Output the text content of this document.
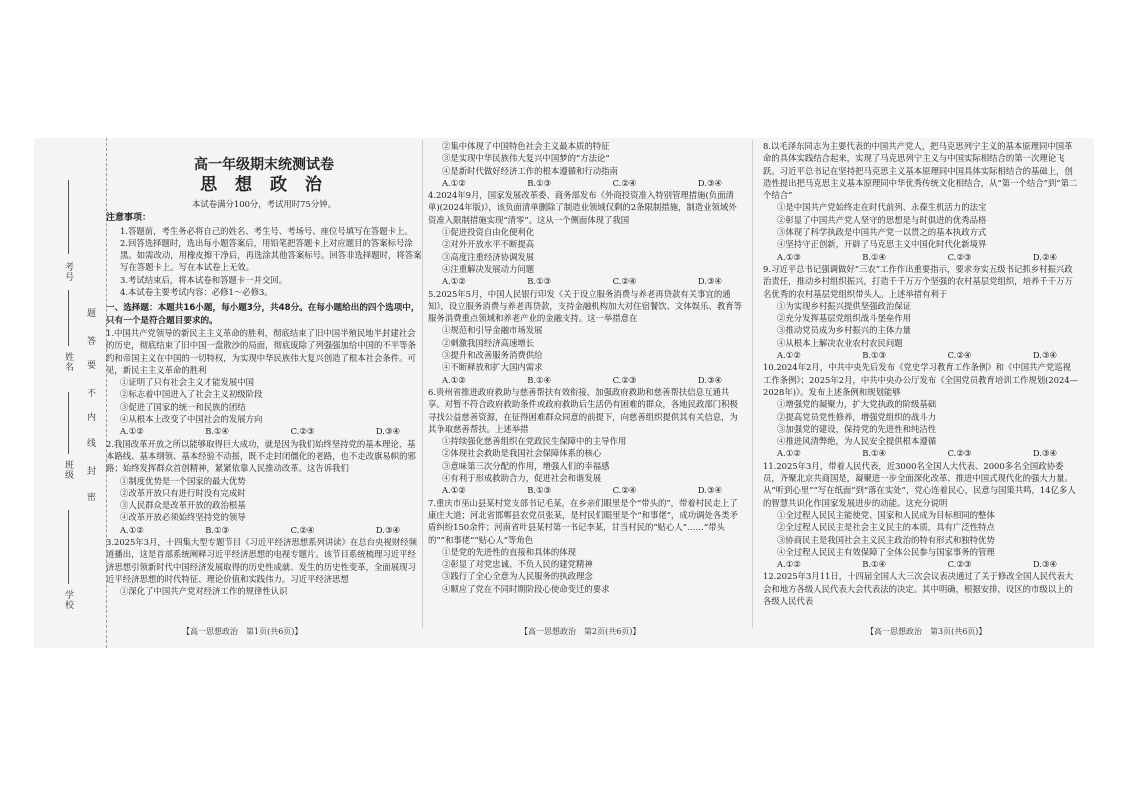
考号
姓名
班级
学校
题
答
要
不
内
线
封
密

高一年级期末统测试卷

思 想 政 治

本试卷满分100分，考试用时75分钟。

注意事项：

1.答题前，考生务必将自己的姓名、考生号、考场号、座位号填写在答题卡上。

2.回答选择题时，选出每小题答案后，用铅笔把答题卡上对应题目的答案标号涂黑。如需改动，用橡皮擦干净后，再选涂其他答案标号。回答非选择题时，将答案写在答题卡上。写在本试卷上无效。

3.考试结束后，将本试卷和答题卡一并交回。

4.本试卷主要考试内容：必修1～必修3。

一、选择题：本题共16小题，每小题3分，共48分。在每小题给出的四个选项中，只有一个是符合题目要求的。

1.中国共产党领导的新民主主义革命的胜利，彻底结束了旧中国半殖民地半封建社会的历史，彻底结束了旧中国一盘散沙的局面，彻底废除了列强强加给中国的不平等条约和帝国主义在中国的一切特权，为实现中华民族伟大复兴创造了根本社会条件。可见，新民主主义革命的胜利

①证明了只有社会主义才能发展中国

②标志着中国进入了社会主义初级阶段

③促进了国家的统一和民族的团结

④从根本上改变了中国社会的发展方向

A.①②	B.①④	C.②③	D.③④

2.我国改革开放之所以能够取得巨大成功，就是因为我们始终坚持党的基本理论、基本路线、基本纲领、基本经验不动摇，既不走封闭僵化的老路，也不走改旗易帜的邪路；始终发挥群众首创精神，紧紧依靠人民推动改革。这告诉我们

①制度优势是一个国家的最大优势

②改革开放只有进行时没有完成时

③人民群众是改革开放的政治根基

④改革开放必须始终坚持党的领导

A.①②	B.①③	C.②④	D.③④

3.2025年3月，十四集大型专题节目《习近平经济思想系列讲读》在总台央视财经频道播出，这是首部系统阐释习近平经济思想的电视专题片。该节目系统梳理习近平经济思想引领新时代中国经济发展取得的历史性成就、发生的历史性变革，全面展现习近平经济思想的时代特征、理论价值和实践伟力。习近平经济思想

①深化了中国共产党对经济工作的规律性认识

②集中体现了中国特色社会主义最本质的特征

③是实现中华民族伟大复兴中国梦的“方法论”

④是新时代做好经济工作的根本遵循和行动指南

A.①②	B.①③	C.②④	D.③④

4.2024年9月，国家发展改革委、商务部发布《外商投资准入特别管理措施(负面清单)(2024年版)》，该负面清单删除了制造业领域仅剩的2条限制措施，制造业领域外资准入限制措施实现“清零”。这从一个侧面体现了我国

①促进投资自由化便利化

②对外开放水平不断提高

③高度注重经济协调发展

④注重解决发展动力问题

A.①②	B.①③	C.②④	D.③④

5.2025年5月，中国人民银行印发《关于设立服务消费与养老再贷款有关事宜的通知》，设立服务消费与养老再贷款，支持金融机构加大对住宿餐饮、文体娱乐、教育等服务消费重点领域和养老产业的金融支持。这一举措意在

①规范和引导金融市场发展

②刺激我国经济高速增长

③提升和改善服务消费供给

④不断释放和扩大国内需求

A.①②	B.①④	C.②③	D.③④

6.贵州省推进政府救助与慈善帮扶有效衔接，加强政府救助和慈善帮扶信息互通共享。对暂不符合政府救助条件或政府救助后生活仍有困难的群众，各地民政部门积极寻找公益慈善资源，在征得困难群众同意的前提下，向慈善组织提供其有关信息，为其争取慈善帮扶。上述举措

①持续强化慈善组织在党政民生保障中的主导作用

②体现社会救助是我国社会保障体系的核心

③意味第三次分配的作用，增强人们的幸福感

④有利于形成救助合力，促进社会和谐发展

A.①②	B.①③	C.②④	D.③④

7.重庆市巫山县某村党支部书记毛某，在乡亲们眼里是个“带头的”，带着村民走上了康庄大道；河北省邯郸县农党员张某，是村民们眼里是个“和事佬”，成功调处各类矛盾纠纷150余件；河南省叶县某村第一书记李某，甘当村民的“贴心人”……“带头的”“和事佬”“贴心人”等角色

①是党的先进性的直接和具体的体现

②彰显了对党忠诚、不负人民的建党精神

③践行了全心全意为人民服务的执政理念

④顺应了党在不同时期阶段心使命变迁的要求

8.以毛泽东同志为主要代表的中国共产党人，把马克思列宁主义的基本原理同中国革命的具体实践结合起来，实现了马克思列宁主义与中国实际相结合的第一次理论飞跃。习近平总书记在坚持把马克思主义基本原理同中国具体实际相结合的基础上，创造性提出把马克思主义基本原理同中华优秀传统文化相结合，从“第一个结合”到“第二个结合”

①是中国共产党始终走在时代前列、永葆生机活力的法宝

②彰显了中国共产党人坚守的思想是与时俱进的优秀品格

③体现了科学执政是中国共产党一以贯之的基本执政方式

④坚持守正创新，开辟了马克思主义中国化时代化新境界

A.①③	B.①④	C.②③	D.②④

9.习近平总书记强调做好“三农”工作作出重要指示，要求夯实五级书记抓乡村振兴政治责任，推动乡村组织振兴，打造千千万万个坚强的农村基层党组织，培养千千万万名优秀的农村基层党组织带头人。上述举措有利于

①为实现乡村振兴提供坚强政治保证

②充分发挥基层党组织战斗堡垒作用

③推动党员成为乡村振兴的主体力量

④从根本上解决农业农村农民问题

A.①②	B.①③	C.②④	D.③④

10.2024年2月，中共中央先后发布《党史学习教育工作条例》和《中国共产党巡视工作条例》；2025年2月，中共中央办公厅发布《全国党员教育培训工作规划(2024—2028年)》。发布上述条例和规划能够

①增强党的凝聚力，扩大党执政的阶级基础

②提高党员党性修养，增强党组织的战斗力

③加强党的建设，保持党的先进性和纯洁性

④推进风清弊绝，为人民安全提供根本遵循

A.①②	B.①④	C.②③	D.③④

11.2025年3月，带着人民代表，近3000名全国人大代表、2000多名全国政协委员，齐聚北京共商国是，凝聚进一步全面深化改革、推进中国式现代化的强大力量。从“听到心里”“写在纸面”到“落在实处”，党心连着民心，民意与国策共鸣，14亿多人的智慧共识化作国家发展进步的动能。这充分说明

①全过程人民民主能使党、国家和人民成为目标相同的整体

②全过程人民民主是社会主义民主的本质，具有广泛性特点

③协商民主是我国社会主义民主政治的特有形式和独特优势

④全过程人民民主有效保障了全体公民参与国家事务的管理

A.①②	B.①④	C.②③	D.③④

12.2025年3月11日，十四届全国人大三次会议表决通过了关于修改全国人民代表大会和地方各级人民代表大会代表法的决定。其中明确，根据安排，设区的市级以上的各级人民代表

【高一思想政治　第1页(共6页)】	【高一思想政治　第2页(共6页)】	【高一思想政治　第3页(共6页)】
